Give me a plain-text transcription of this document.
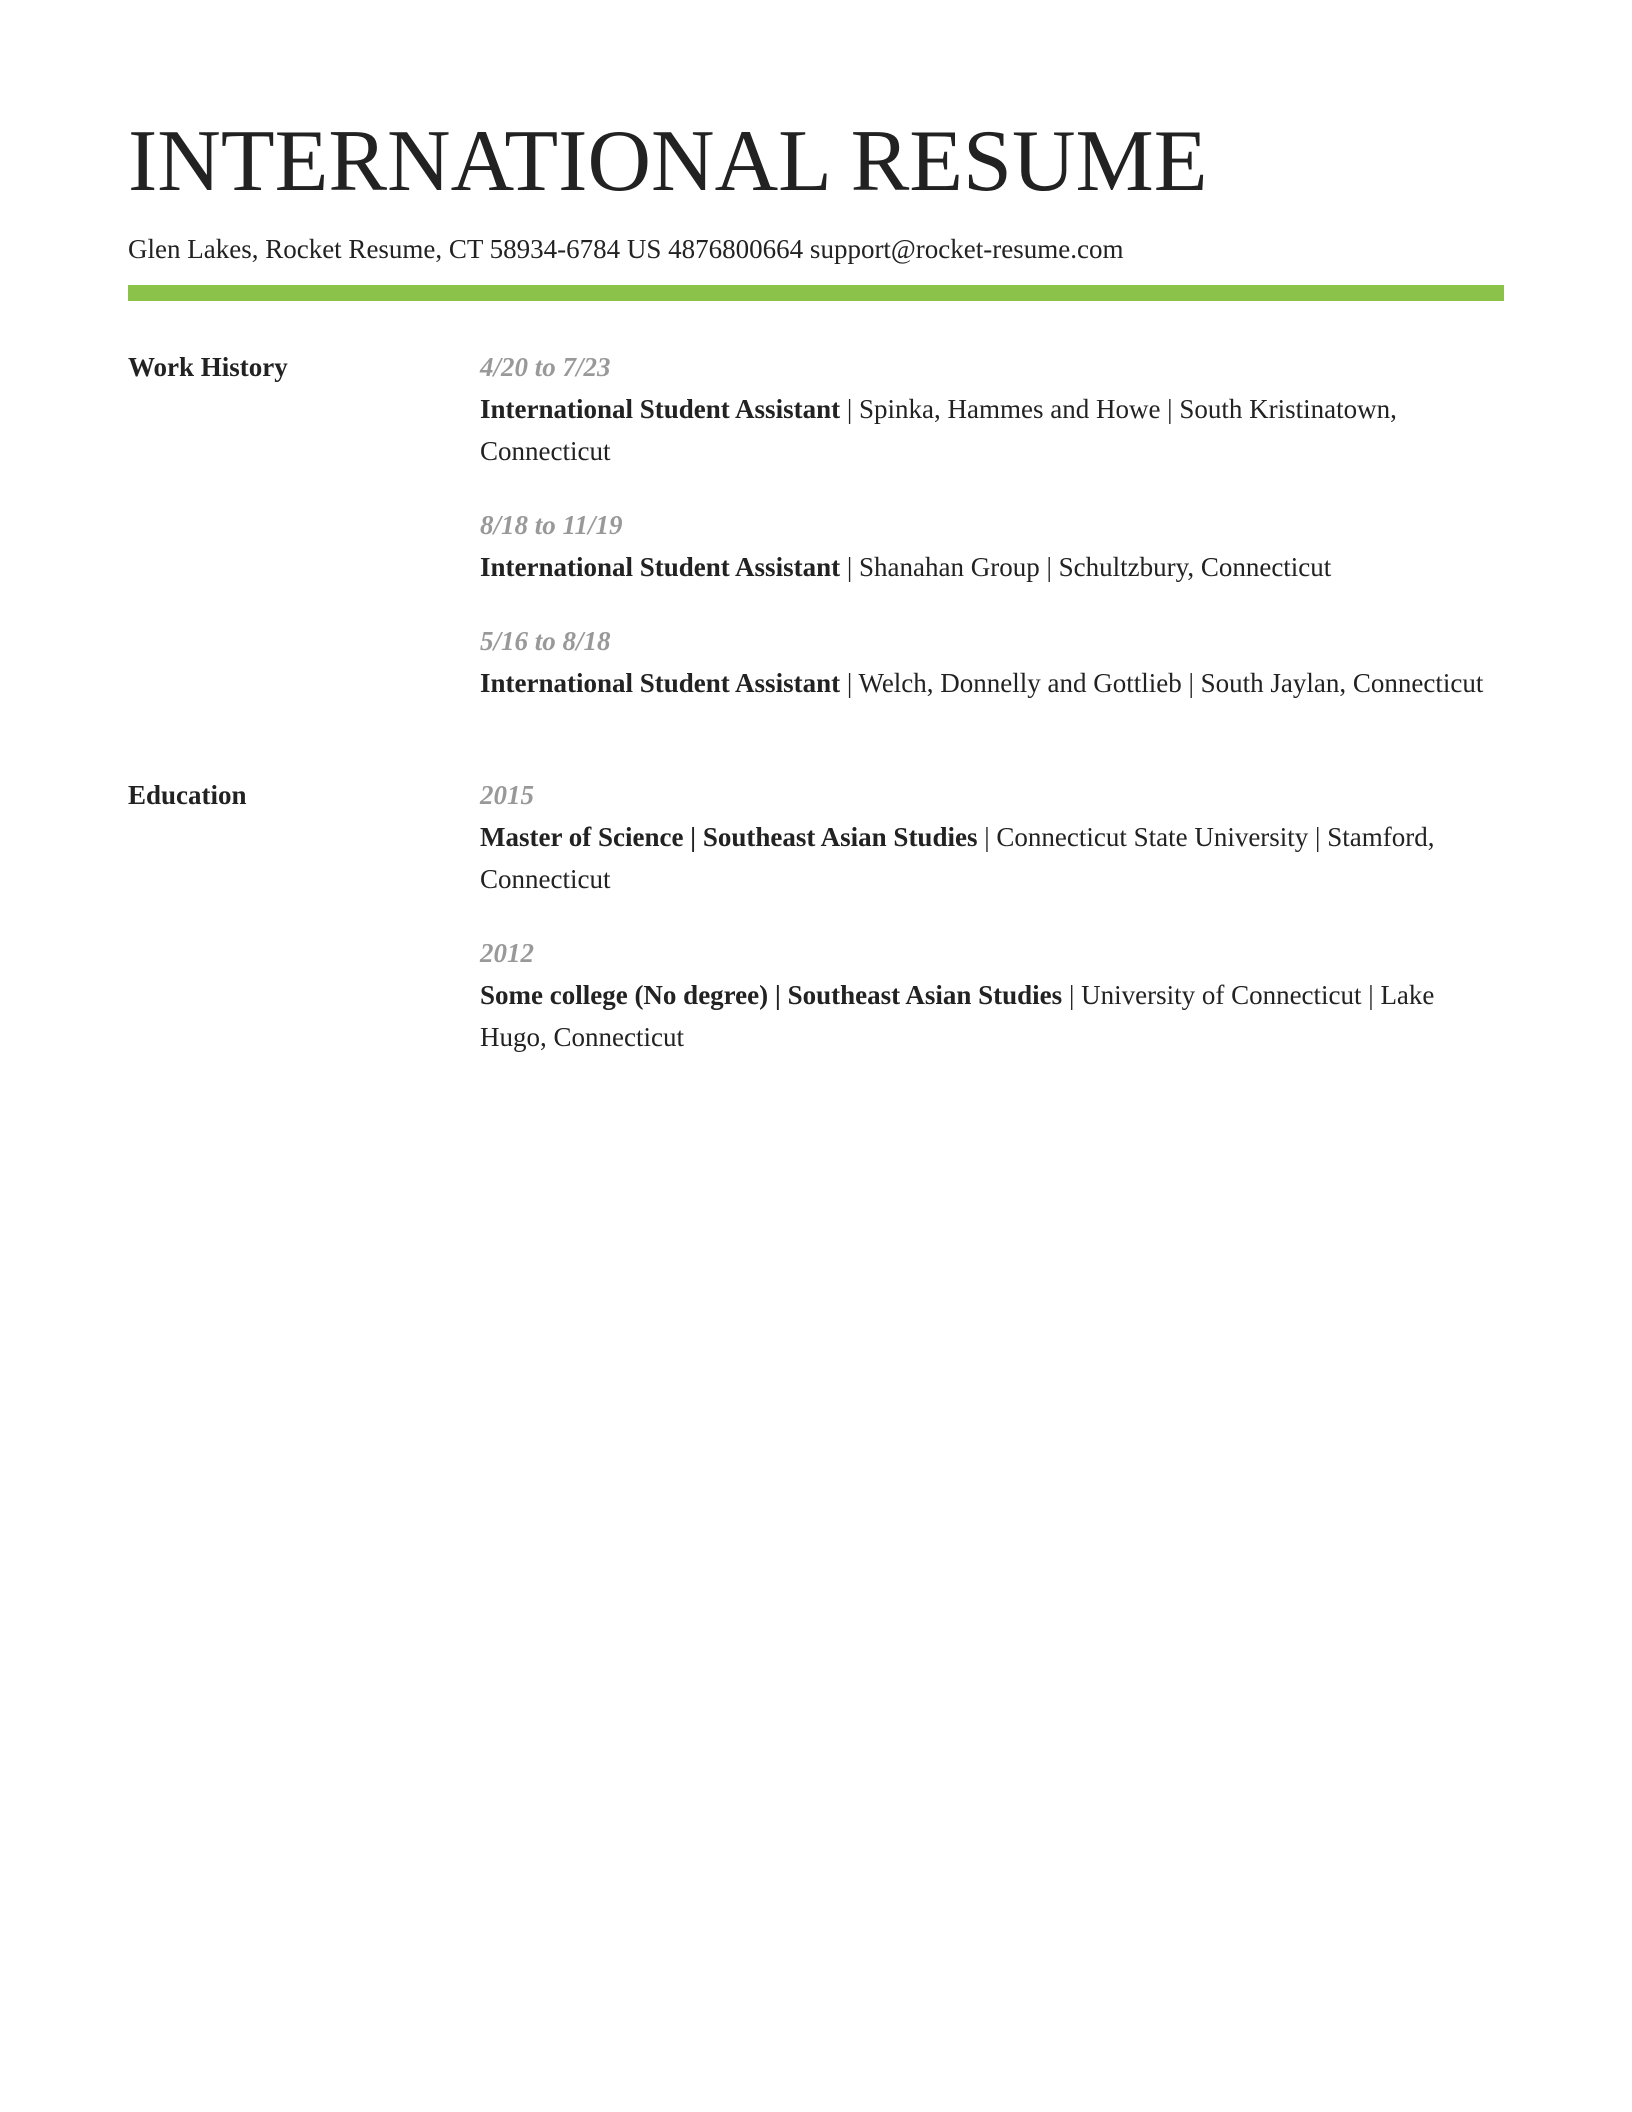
INTERNATIONAL RESUME
Glen Lakes, Rocket Resume, CT 58934-6784 US 4876800664 support@rocket-resume.com
Work History	4/20 to 7/23
International Student Assistant | Spinka, Hammes and Howe | South Kristinatown, Connecticut
8/18 to 11/19
International Student Assistant | Shanahan Group | Schultzbury, Connecticut
5/16 to 8/18
International Student Assistant | Welch, Donnelly and Gottlieb | South Jaylan, Connecticut
Education	2015
Master of Science | Southeast Asian Studies | Connecticut State University | Stamford, Connecticut
2012
Some college (No degree) | Southeast Asian Studies | University of Connecticut | Lake Hugo, Connecticut
